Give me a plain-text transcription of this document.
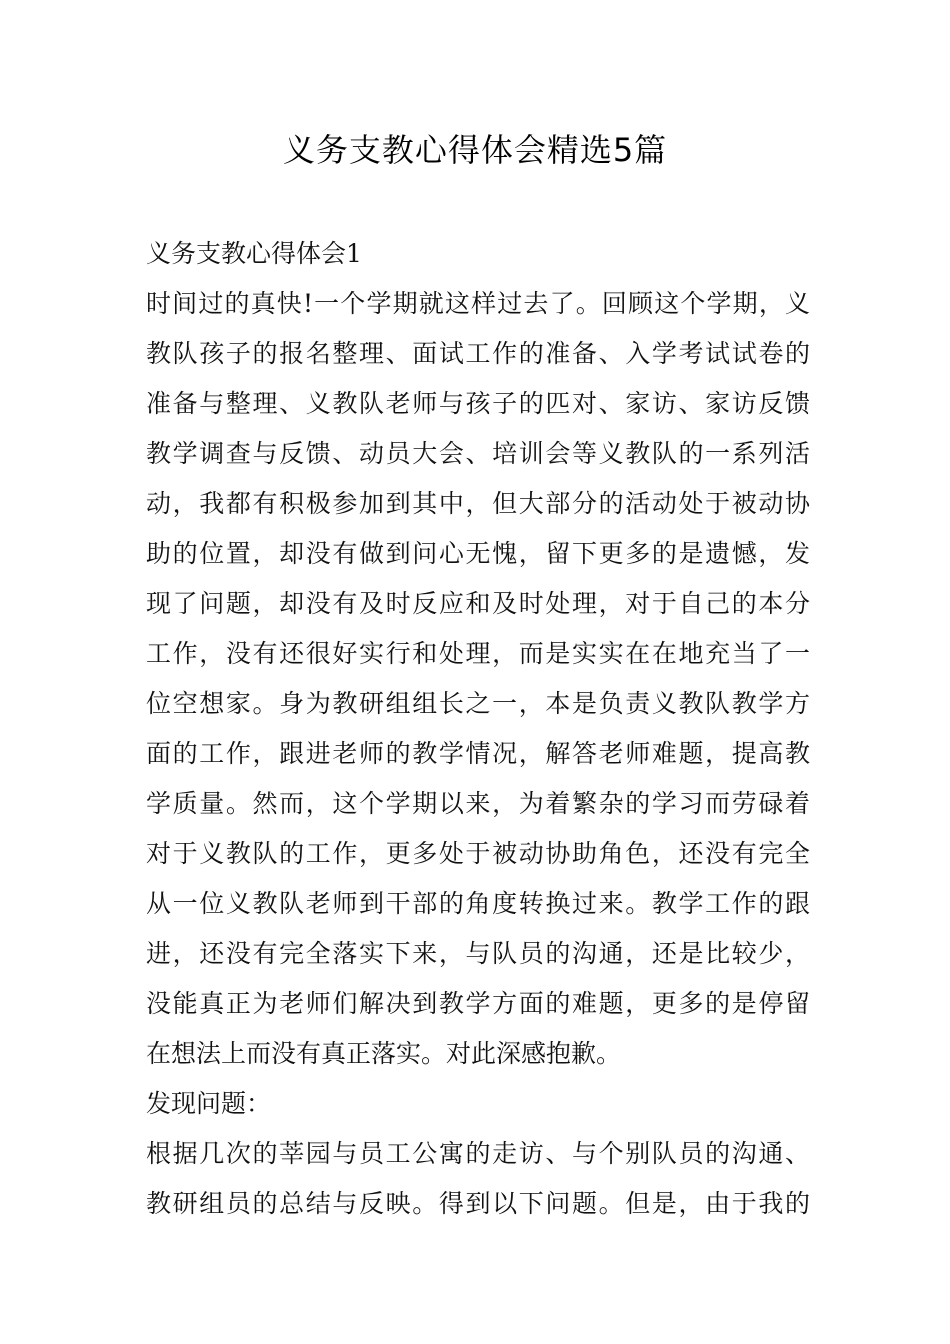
义务支教心得体会精选5篇
义务支教心得体会1
时间过的真快!一个学期就这样过去了。回顾这个学期，义
教队孩子的报名整理、面试工作的准备、入学考试试卷的
准备与整理、义教队老师与孩子的匹对、家访、家访反馈
教学调查与反馈、动员大会、培训会等义教队的一系列活
动，我都有积极参加到其中，但大部分的活动处于被动协
助的位置，却没有做到问心无愧，留下更多的是遗憾，发
现了问题，却没有及时反应和及时处理，对于自己的本分
工作，没有还很好实行和处理，而是实实在在地充当了一
位空想家。身为教研组组长之一，本是负责义教队教学方
面的工作，跟进老师的教学情况，解答老师难题，提高教
学质量。然而，这个学期以来，为着繁杂的学习而劳碌着
对于义教队的工作，更多处于被动协助角色，还没有完全
从一位义教队老师到干部的角度转换过来。教学工作的跟
进，还没有完全落实下来，与队员的沟通，还是比较少，
没能真正为老师们解决到教学方面的难题，更多的是停留
在想法上而没有真正落实。对此深感抱歉。
发现问题：
根据几次的莘园与员工公寓的走访、与个别队员的沟通、
教研组员的总结与反映。得到以下问题。但是，由于我的
